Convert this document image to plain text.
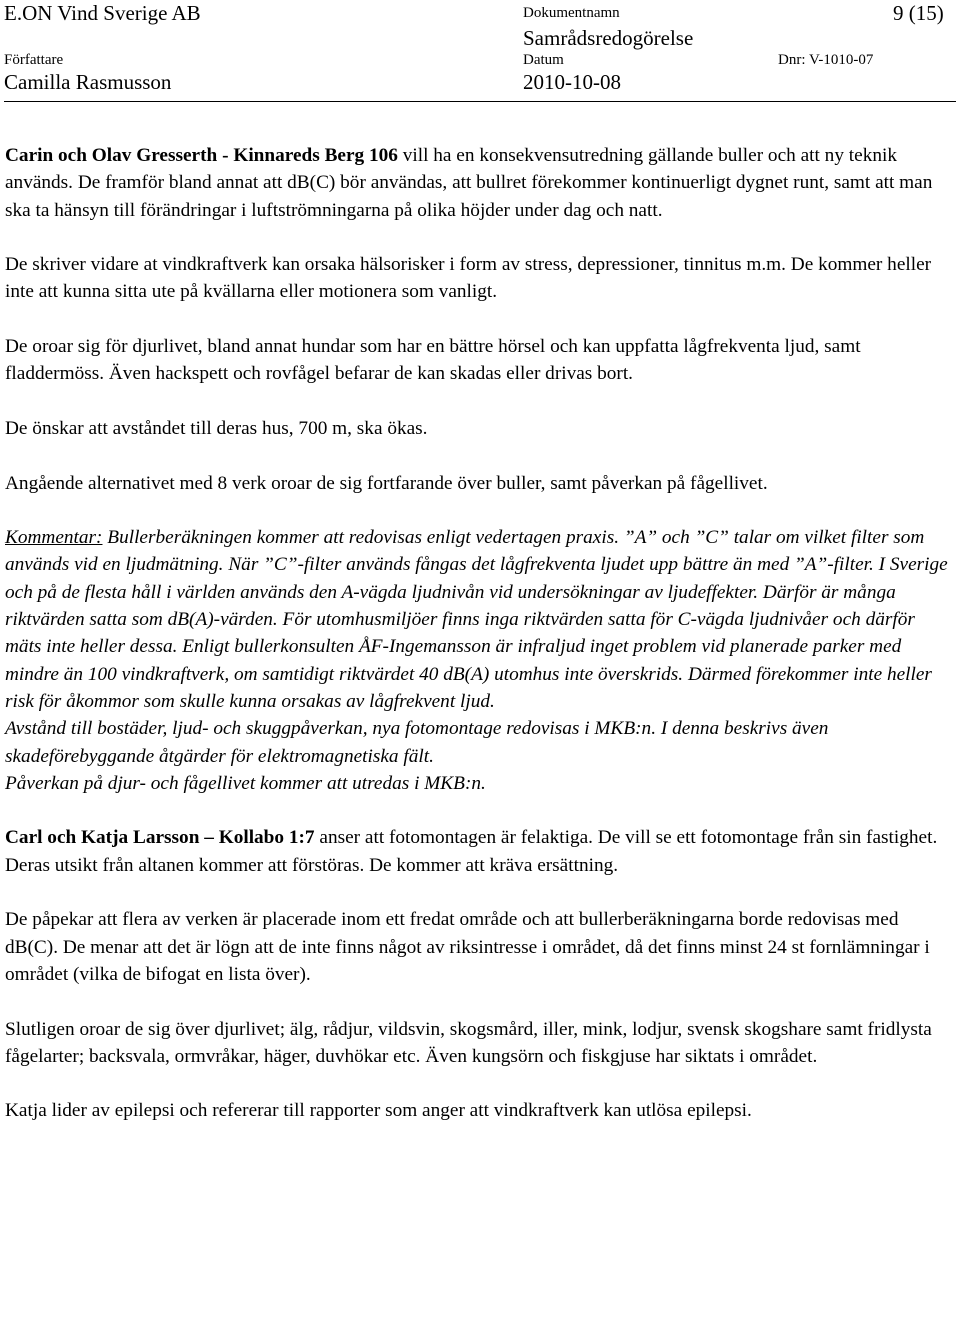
E.ON Vind Sverige AB	Dokumentnamn	9 (15)
Samrådsredogörelse
Författare	Datum	Dnr: V-1010-07
Camilla Rasmusson	2010-10-08

Carin och Olav Gresserth - Kinnareds Berg 106 vill ha en konsekvensutredning gällande buller och att ny teknik används. De framför bland annat att dB(C) bör användas, att bullret förekommer kontinuerligt dygnet runt, samt att man ska ta hänsyn till förändringar i luftströmningarna på olika höjder under dag och natt.

De skriver vidare at vindkraftverk kan orsaka hälsorisker i form av stress, depressioner, tinnitus m.m. De kommer heller inte att kunna sitta ute på kvällarna eller motionera som vanligt.

De oroar sig för djurlivet, bland annat hundar som har en bättre hörsel och kan uppfatta lågfrekventa ljud, samt fladdermöss. Även hackspett och rovfågel befarar de kan skadas eller drivas bort.

De önskar att avståndet till deras hus, 700 m, ska ökas.

Angående alternativet med 8 verk oroar de sig fortfarande över buller, samt påverkan på fågellivet.

Kommentar: Bullerberäkningen kommer att redovisas enligt vedertagen praxis. ”A” och ”C” talar om vilket filter som används vid en ljudmätning. När ”C”-filter används fångas det lågfrekventa ljudet upp bättre än med ”A”-filter. I Sverige och på de flesta håll i världen används den A-vägda ljudnivån vid undersökningar av ljudeffekter. Därför är många riktvärden satta som dB(A)-värden. För utomhusmiljöer finns inga riktvärden satta för C-vägda ljudnivåer och därför mäts inte heller dessa. Enligt bullerkonsulten ÅF-Ingemansson är infraljud inget problem vid planerade parker med mindre än 100 vindkraftverk, om samtidigt riktvärdet 40 dB(A) utomhus inte överskrids. Därmed förekommer inte heller risk för åkommor som skulle kunna orsakas av lågfrekvent ljud.

Avstånd till bostäder, ljud- och skuggpåverkan, nya fotomontage redovisas i MKB:n. I denna beskrivs även skadeförebyggande åtgärder för elektromagnetiska fält.

Påverkan på djur- och fågellivet kommer att utredas i MKB:n.

Carl och Katja Larsson – Kollabo 1:7 anser att fotomontagen är felaktiga. De vill se ett fotomontage från sin fastighet. Deras utsikt från altanen kommer att förstöras. De kommer att kräva ersättning.

De påpekar att flera av verken är placerade inom ett fredat område och att bullerberäkningarna borde redovisas med dB(C). De menar att det är lögn att de inte finns något av riksintresse i området, då det finns minst 24 st fornlämningar i området (vilka de bifogat en lista över).

Slutligen oroar de sig över djurlivet; älg, rådjur, vildsvin, skogsmård, iller, mink, lodjur, svensk skogshare samt fridlysta fågelarter; backsvala, ormvråkar, häger, duvhökar etc. Även kungsörn och fiskgjuse har siktats i området.

Katja lider av epilepsi och refererar till rapporter som anger att vindkraftverk kan utlösa epilepsi.
